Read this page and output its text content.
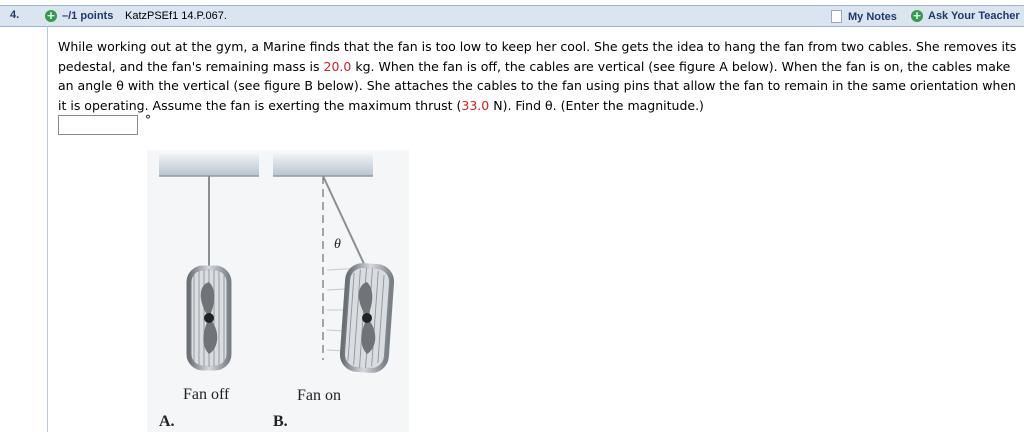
4. + –/1 points KatzPSEf1 14.P.067.	My Notes + Ask Your Teacher
While working out at the gym, a Marine finds that the fan is too low to keep her cool. She gets the idea to hang the fan from two cables. She removes its pedestal, and the fan's remaining mass is 20.0 kg. When the fan is off, the cables are vertical (see figure A below). When the fan is on, the cables make an angle θ with the vertical (see figure B below). She attaches the cables to the fan using pins that allow the fan to remain in the same orientation when it is operating. Assume the fan is exerting the maximum thrust (33.0 N). Find θ. (Enter the magnitude.)
°
θ
Fan off	Fan on
A.	B.
